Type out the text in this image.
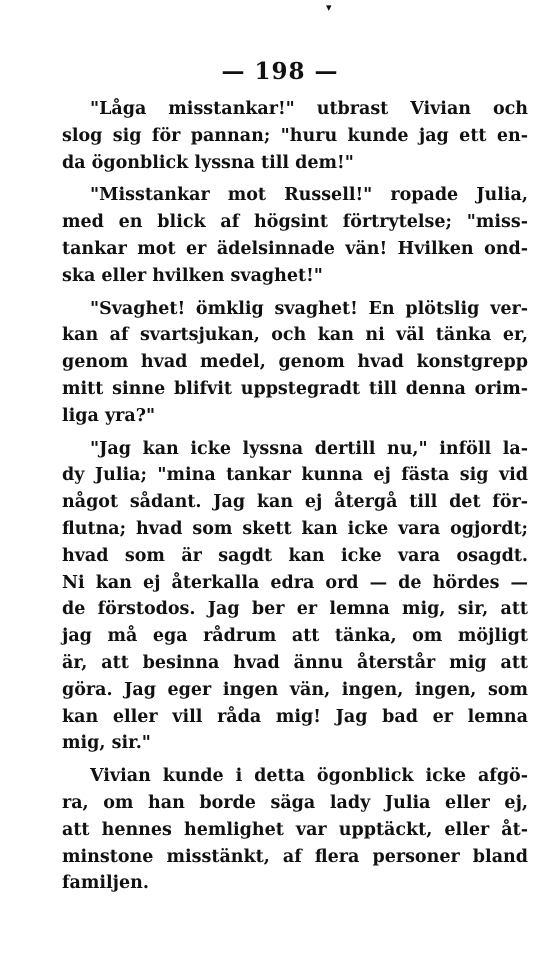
▾
— 198 —
"Låga misstankar!" utbrast Vivian och
slog sig för pannan; "huru kunde jag ett en-
da ögonblick lyssna till dem!"
"Misstankar mot Russell!" ropade Julia,
med en blick af högsint förtrytelse; "miss-
tankar mot er ädelsinnade vän! Hvilken ond-
ska eller hvilken svaghet!"
"Svaghet! ömklig svaghet! En plötslig ver-
kan af svartsjukan, och kan ni väl tänka er,
genom hvad medel, genom hvad konstgrepp
mitt sinne blifvit uppstegradt till denna orim-
liga yra?"
"Jag kan icke lyssna dertill nu," inföll la-
dy Julia; "mina tankar kunna ej fästa sig vid
något sådant. Jag kan ej återgå till det för-
flutna; hvad som skett kan icke vara ogjordt;
hvad som är sagdt kan icke vara osagdt.
Ni kan ej återkalla edra ord — de hördes —
de förstodos. Jag ber er lemna mig, sir, att
jag må ega rådrum att tänka, om möjligt
är, att besinna hvad ännu återstår mig att
göra. Jag eger ingen vän, ingen, ingen, som
kan eller vill råda mig! Jag bad er lemna
mig, sir."
Vivian kunde i detta ögonblick icke afgö-
ra, om han borde säga lady Julia eller ej,
att hennes hemlighet var upptäckt, eller åt-
minstone misstänkt, af flera personer bland
familjen.
